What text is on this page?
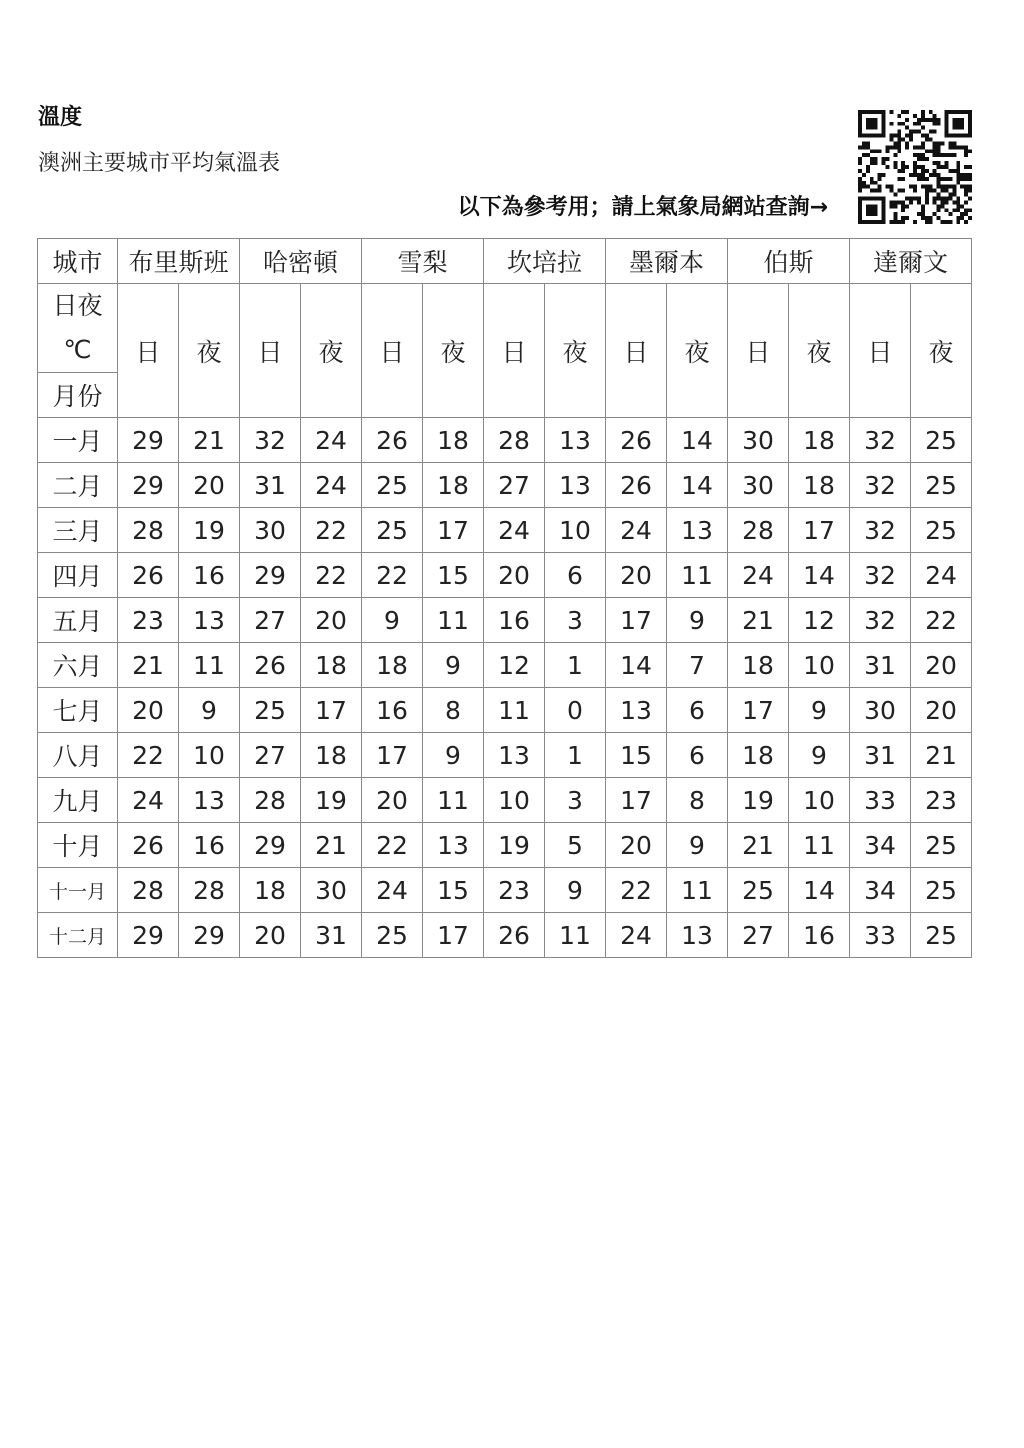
溫度
澳洲主要城市平均氣溫表
以下為參考用；請上氣象局網站查詢→
城市	布里斯班		哈密頓		雪梨		坎培拉		墨爾本		伯斯		達爾文	

日夜
℃	日	夜	日	夜	日	夜	日	夜	日	夜	日	夜	日	夜
月份														
一月	29	21	32	24	26	18	28	13	26	14	30	18	32	25
二月	29	20	31	24	25	18	27	13	26	14	30	18	32	25
三月	28	19	30	22	25	17	24	10	24	13	28	17	32	25
四月	26	16	29	22	22	15	20	6	20	11	24	14	32	24
五月	23	13	27	20	9	11	16	3	17	9	21	12	32	22
六月	21	11	26	18	18	9	12	1	14	7	18	10	31	20
七月	20	9	25	17	16	8	11	0	13	6	17	9	30	20
八月	22	10	27	18	17	9	13	1	15	6	18	9	31	21
九月	24	13	28	19	20	11	10	3	17	8	19	10	33	23
十月	26	16	29	21	22	13	19	5	20	9	21	11	34	25
十一月	28	28	18	30	24	15	23	9	22	11	25	14	34	25
十二月	29	29	20	31	25	17	26	11	24	13	27	16	33	25
